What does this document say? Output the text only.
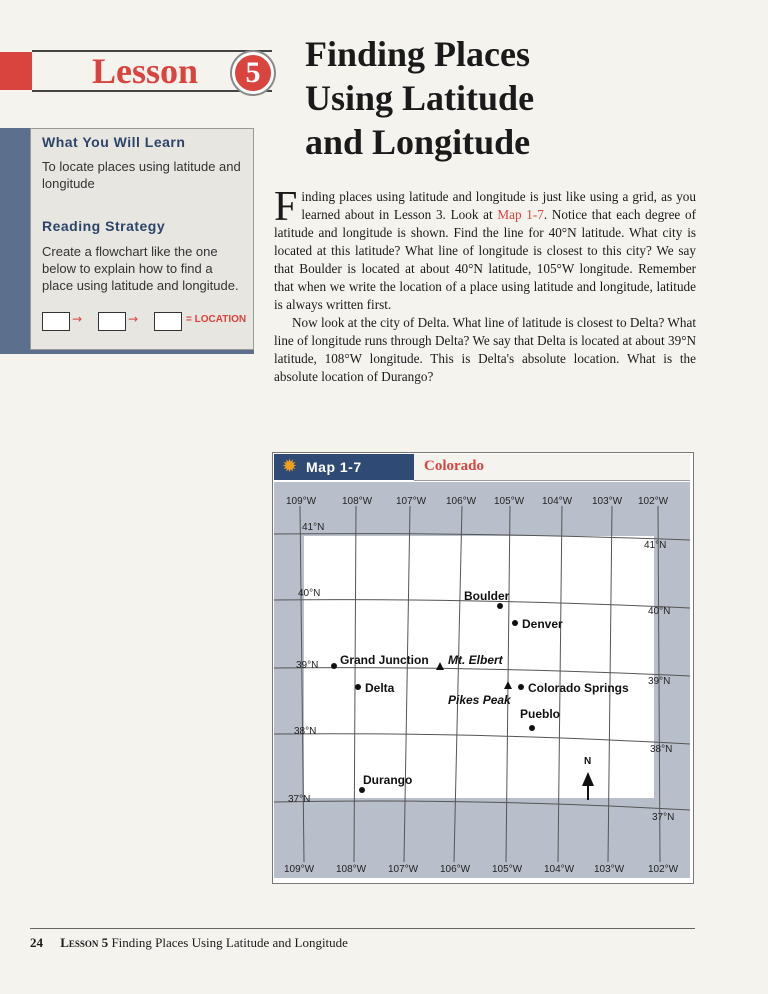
Lesson	5	Finding Places
Using Latitude
and Longitude
What You Will Learn
To locate places using latitude and longitude
Reading Strategy
Create a flowchart like the one below to explain how to find a place using latitude and longitude.
→	→	= LOCATION

Finding places using latitude and longitude is just like using a grid, as you learned about in Lesson 3. Look at Map 1-7. Notice that each degree of latitude and longitude is shown. Find the line for 40°N latitude. What city is located at this latitude? What line of longitude is closest to this city? We say that Boulder is located at about 40°N latitude, 105°W longitude. Remember that when we write the location of a place using latitude and longitude, latitude is always written first.

Now look at the city of Delta. What line of latitude is closest to Delta? What line of longitude runs through Delta? We say that Delta is located at about 39°N latitude, 108°W longitude. This is Delta's absolute location. What is the absolute location of Durango?

✹ Map 1-7	Colorado
109°W	108°W 107°W 106°W 105°W 104°W 103°W 102°W
109°W 108°W 107°W 106°W 105°W 104°W 103°W 102°W
41°N
40°N
39°N
38°N
37°N
41°N
40°N
39°N
38°N
37°N
Boulder
Denver
Grand Junction Mt. Elbert
Delta	Colorado Springs
Pikes Peak
Pueblo
Durango
N
24 Lesson 5 Finding Places Using Latitude and Longitude
